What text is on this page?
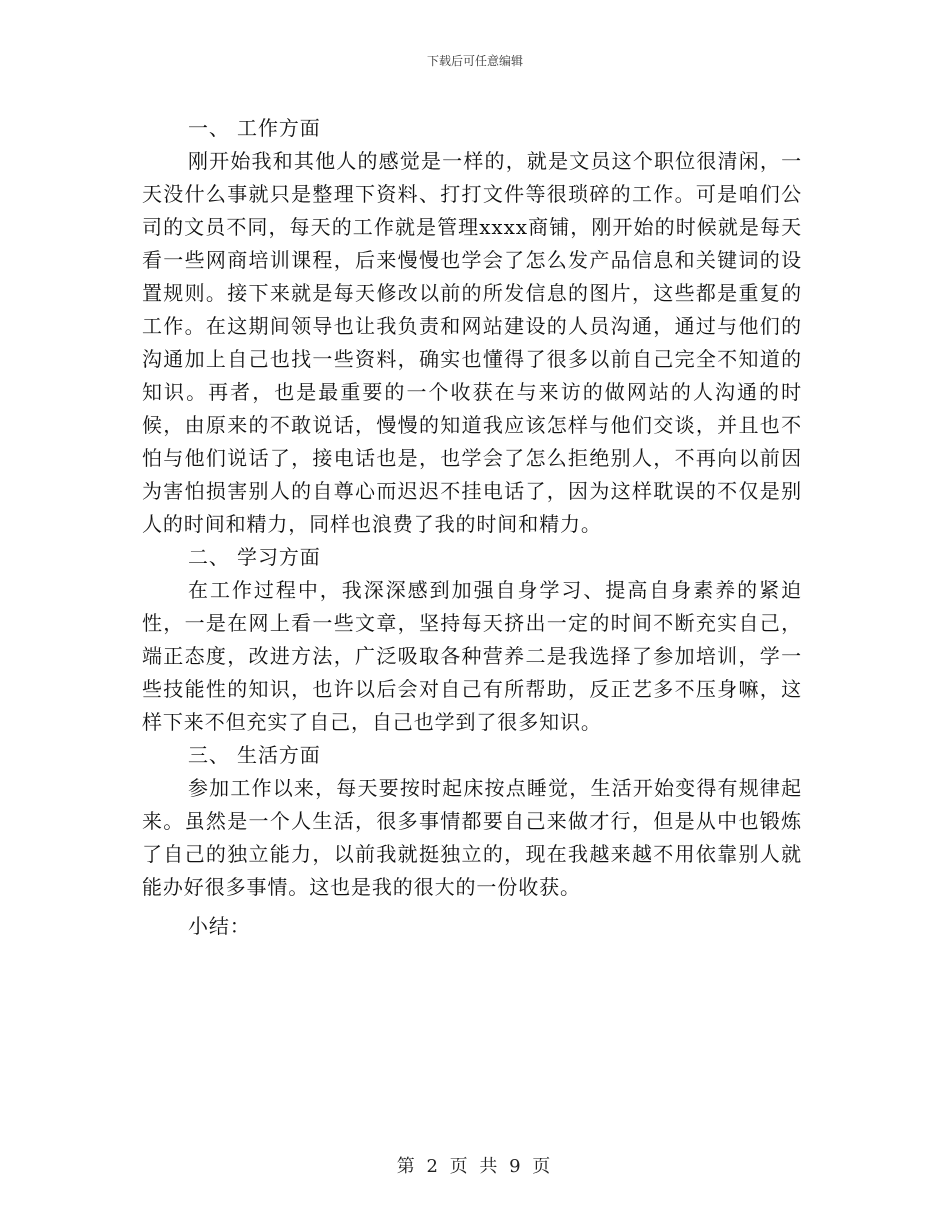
下载后可任意编辑

一、 工作方面

刚开始我和其他人的感觉是一样的，就是文员这个职位很清闲，一天没什么事就只是整理下资料、打打文件等很琐碎的工作。可是咱们公司的文员不同，每天的工作就是管理xxxx商铺，刚开始的时候就是每天看一些网商培训课程，后来慢慢也学会了怎么发产品信息和关键词的设置规则。接下来就是每天修改以前的所发信息的图片，这些都是重复的工作。在这期间领导也让我负责和网站建设的人员沟通，通过与他们的沟通加上自己也找一些资料，确实也懂得了很多以前自己完全不知道的知识。再者，也是最重要的一个收获在与来访的做网站的人沟通的时候，由原来的不敢说话，慢慢的知道我应该怎样与他们交谈，并且也不怕与他们说话了，接电话也是，也学会了怎么拒绝别人，不再向以前因为害怕损害别人的自尊心而迟迟不挂电话了，因为这样耽误的不仅是别人的时间和精力，同样也浪费了我的时间和精力。

二、 学习方面

在工作过程中，我深深感到加强自身学习、提高自身素养的紧迫性，一是在网上看一些文章，坚持每天挤出一定的时间不断充实自己，端正态度，改进方法，广泛吸取各种营养二是我选择了参加培训，学一些技能性的知识，也许以后会对自己有所帮助，反正艺多不压身嘛，这样下来不但充实了自己，自己也学到了很多知识。

三、 生活方面

参加工作以来，每天要按时起床按点睡觉，生活开始变得有规律起来。虽然是一个人生活，很多事情都要自己来做才行，但是从中也锻炼了自己的独立能力，以前我就挺独立的，现在我越来越不用依靠别人就能办好很多事情。这也是我的很大的一份收获。

小结：

第 2 页 共 9 页
